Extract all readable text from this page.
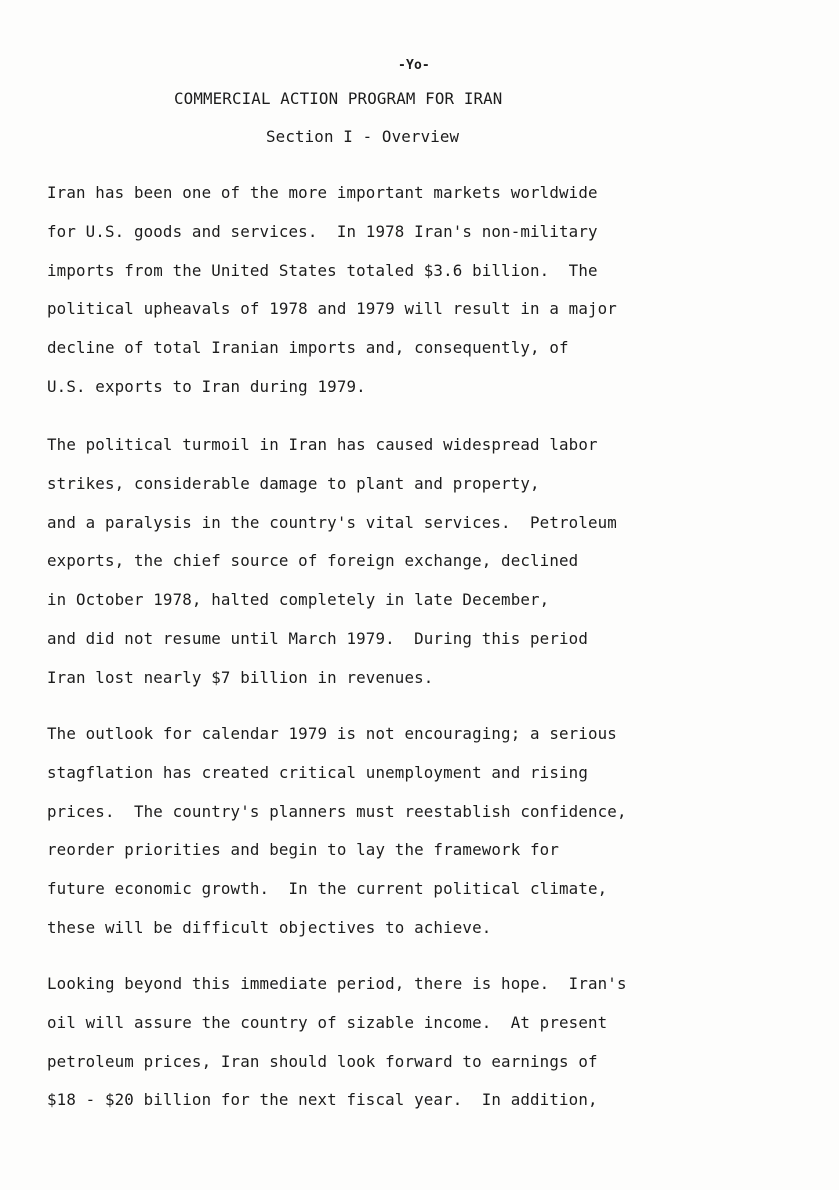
-Yo-
COMMERCIAL ACTION PROGRAM FOR IRAN
Section I - Overview

Iran has been one of the more important markets worldwide
for U.S. goods and services.  In 1978 Iran's non-military
imports from the United States totaled $3.6 billion.  The
political upheavals of 1978 and 1979 will result in a major
decline of total Iranian imports and, consequently, of
U.S. exports to Iran during 1979.

The political turmoil in Iran has caused widespread labor
strikes, considerable damage to plant and property,
and a paralysis in the country's vital services.  Petroleum
exports, the chief source of foreign exchange, declined
in October 1978, halted completely in late December,
and did not resume until March 1979.  During this period
Iran lost nearly $7 billion in revenues.

The outlook for calendar 1979 is not encouraging; a serious
stagflation has created critical unemployment and rising
prices.  The country's planners must reestablish confidence,
reorder priorities and begin to lay the framework for
future economic growth.  In the current political climate,
these will be difficult objectives to achieve.

Looking beyond this immediate period, there is hope.  Iran's
oil will assure the country of sizable income.  At present
petroleum prices, Iran should look forward to earnings of
$18 - $20 billion for the next fiscal year.  In addition,
